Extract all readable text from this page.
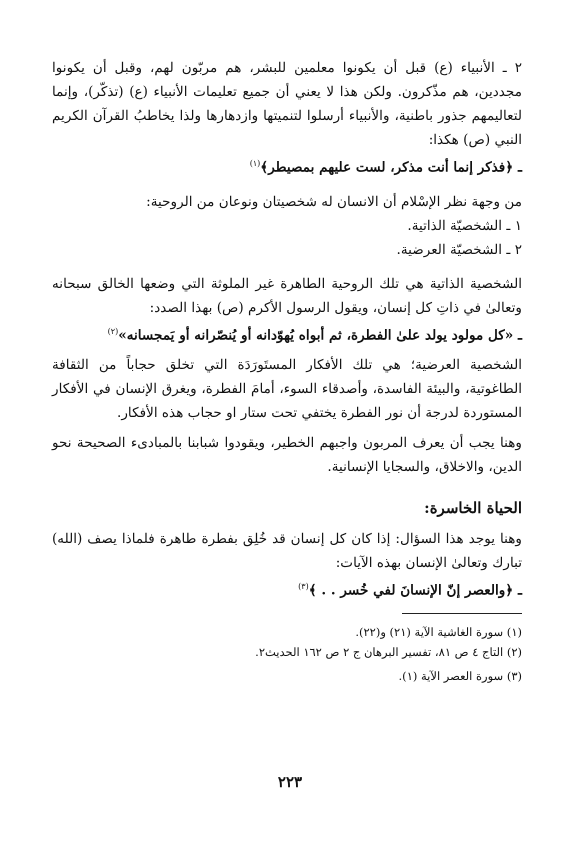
٢ ـ الأنبياء (ع) قبل أن يكونوا معلمين للبشر، هم مربّون لهم، وقبل أن يكونوا مجددين، هم مذّكرون. ولكن هذا لا يعني أن جميع تعليمات الأنبياء (ع) (تذكّر)، وإنما لتعاليمهم جذور باطنية، والأنبياء أرسلوا لتنميتها وازدهارها ولذا يخاطبُ القرآن الكريم النبي (ص) هكذا:

ـ ﴿فذكر إنما أنت مذكر، لست عليهم بمصيطر﴾$^{(١)}$

من وجهة نظر الإسْلام أن الانسان له شخصيتان ونوعان من الروحية:

١ ـ الشخصيّة الذاتية.

٢ ـ الشخصيّة العرضية.

الشخصية الذاتية هي تلك الروحية الطاهرة غير الملوثة التي وضعها الخالق سبحانه وتعالىٰ في ذاتِ كل إنسان، ويقول الرسول الأكرم (ص) بهذا الصدد:

ـ «كل مولود يولد علىٰ الفطرة، ثم أبواه يُهوّدانه أو يُنصّرانه أو يَمجسانه»$^{(٢)}$

الشخصية العرضية؛ هي تلك الأفكار المستَورَدَة التي تخلق حجاباً من الثقافة الطاغوتية، والبيئة الفاسدة، وأصدقاء السوء، أمامَ الفطرة، ويغرق الإنسان في الأفكار المستوردة لدرجة أن نور الفطرة يختفي تحت ستار او حجاب هذه الأفكار.

وهنا يجب أن يعرف المربون واجبهم الخطير، ويقودوا شبابنا بالمبادىء الصحيحة نحو الدين، والاخلاق، والسجايا الإنسانية.

الحياة الخاسرة:

وهنا يوجد هذا السؤال: إذا كان كل إنسان قد خُلِق بفطرة طاهرة فلماذا يصف (الله) تبارك وتعالىٰ الإنسان بهذه الآيات:

ـ ﴿والعصر إنّ الإنسانَ لفي خُسر . . ﴾$^{(٣)}$

(١) سورة الغاشية الآية (٢١) و(٢٢).

(٢) التاج ٤ ص ٨١، تفسير البرهان ج ٢ ص ١٦٢ الحديث٢.

(٣) سورة العصر الآية (١).

٢٢٣
